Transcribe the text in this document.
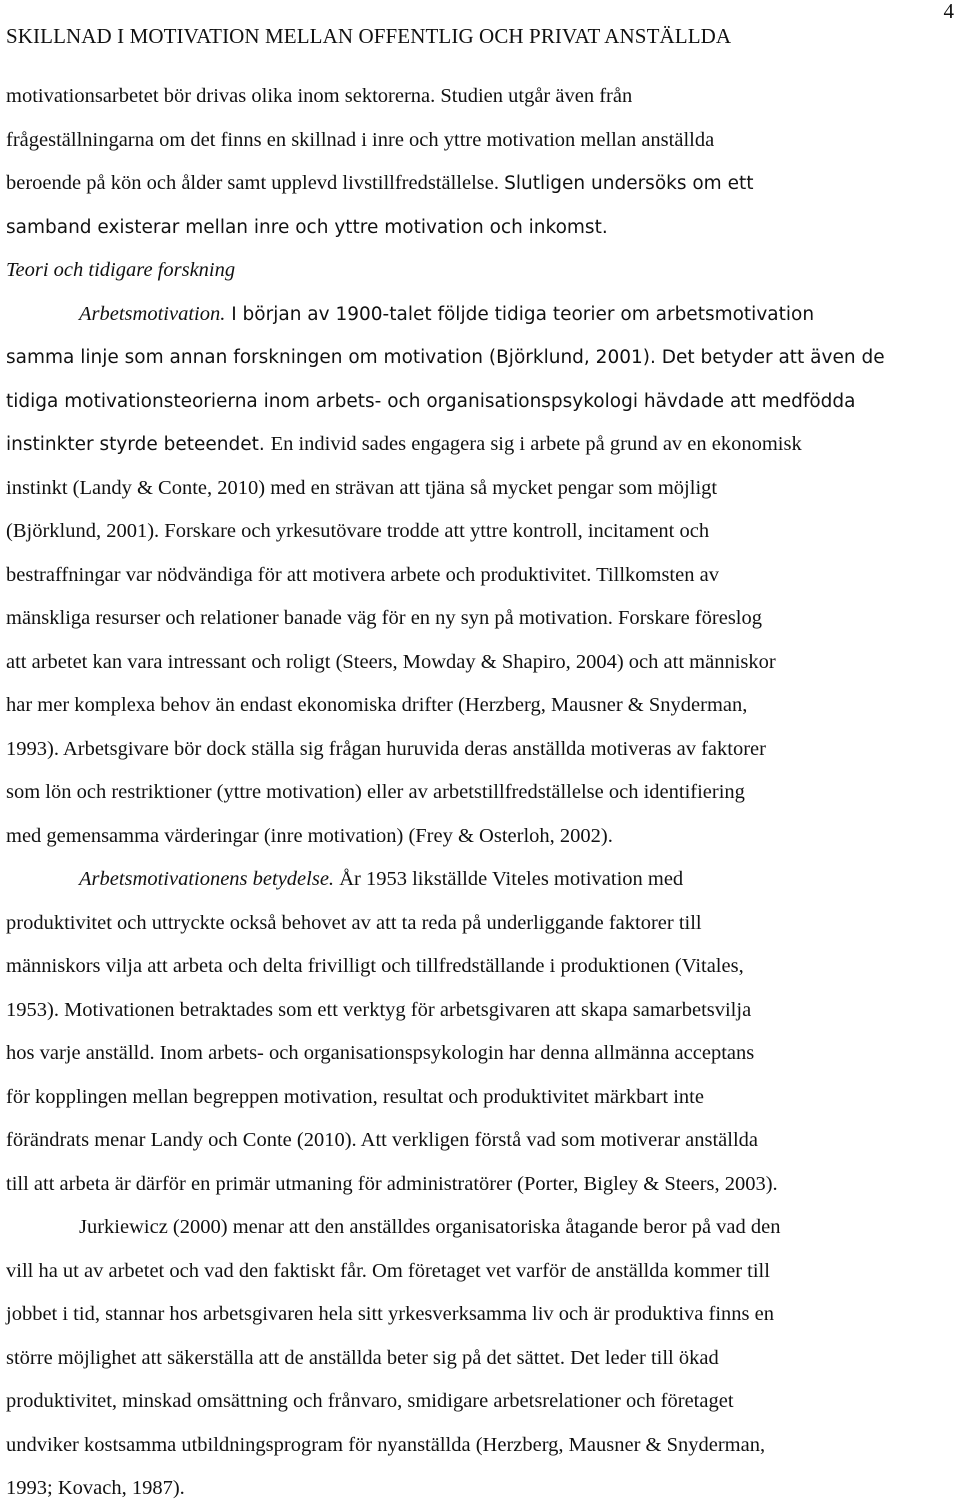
SKILLNAD I MOTIVATION MELLAN OFFENTLIG OCH PRIVAT ANSTÄLLDA
4
motivationsarbetet bör drivas olika inom sektorerna. Studien utgår även från
frågeställningarna om det finns en skillnad i inre och yttre motivation mellan anställda
beroende på kön och ålder samt upplevd livstillfredställelse. Slutligen undersöks om ett
samband existerar mellan inre och yttre motivation och inkomst.
Teori och tidigare forskning
Arbetsmotivation. I början av 1900-talet följde tidiga teorier om arbetsmotivation
samma linje som annan forskningen om motivation (Björklund, 2001). Det betyder att även de
tidiga motivationsteorierna inom arbets- och organisationspsykologi hävdade att medfödda
instinkter styrde beteendet. En individ sades engagera sig i arbete på grund av en ekonomisk
instinkt (Landy & Conte, 2010) med en strävan att tjäna så mycket pengar som möjligt
(Björklund, 2001). Forskare och yrkesutövare trodde att yttre kontroll, incitament och
bestraffningar var nödvändiga för att motivera arbete och produktivitet. Tillkomsten av
mänskliga resurser och relationer banade väg för en ny syn på motivation. Forskare föreslog
att arbetet kan vara intressant och roligt (Steers, Mowday & Shapiro, 2004) och att människor
har mer komplexa behov än endast ekonomiska drifter (Herzberg, Mausner & Snyderman,
1993). Arbetsgivare bör dock ställa sig frågan huruvida deras anställda motiveras av faktorer
som lön och restriktioner (yttre motivation) eller av arbetstillfredställelse och identifiering
med gemensamma värderingar (inre motivation) (Frey & Osterloh, 2002).
Arbetsmotivationens betydelse. År 1953 likställde Viteles motivation med
produktivitet och uttryckte också behovet av att ta reda på underliggande faktorer till
människors vilja att arbeta och delta frivilligt och tillfredställande i produktionen (Vitales,
1953). Motivationen betraktades som ett verktyg för arbetsgivaren att skapa samarbetsvilja
hos varje anställd. Inom arbets- och organisationspsykologin har denna allmänna acceptans
för kopplingen mellan begreppen motivation, resultat och produktivitet märkbart inte
förändrats menar Landy och Conte (2010). Att verkligen förstå vad som motiverar anställda
till att arbeta är därför en primär utmaning för administratörer (Porter, Bigley & Steers, 2003).
Jurkiewicz (2000) menar att den anställdes organisatoriska åtagande beror på vad den
vill ha ut av arbetet och vad den faktiskt får. Om företaget vet varför de anställda kommer till
jobbet i tid, stannar hos arbetsgivaren hela sitt yrkesverksamma liv och är produktiva finns en
större möjlighet att säkerställa att de anställda beter sig på det sättet. Det leder till ökad
produktivitet, minskad omsättning och frånvaro, smidigare arbetsrelationer och företaget
undviker kostsamma utbildningsprogram för nyanställda (Herzberg, Mausner & Snyderman,
1993; Kovach, 1987).
